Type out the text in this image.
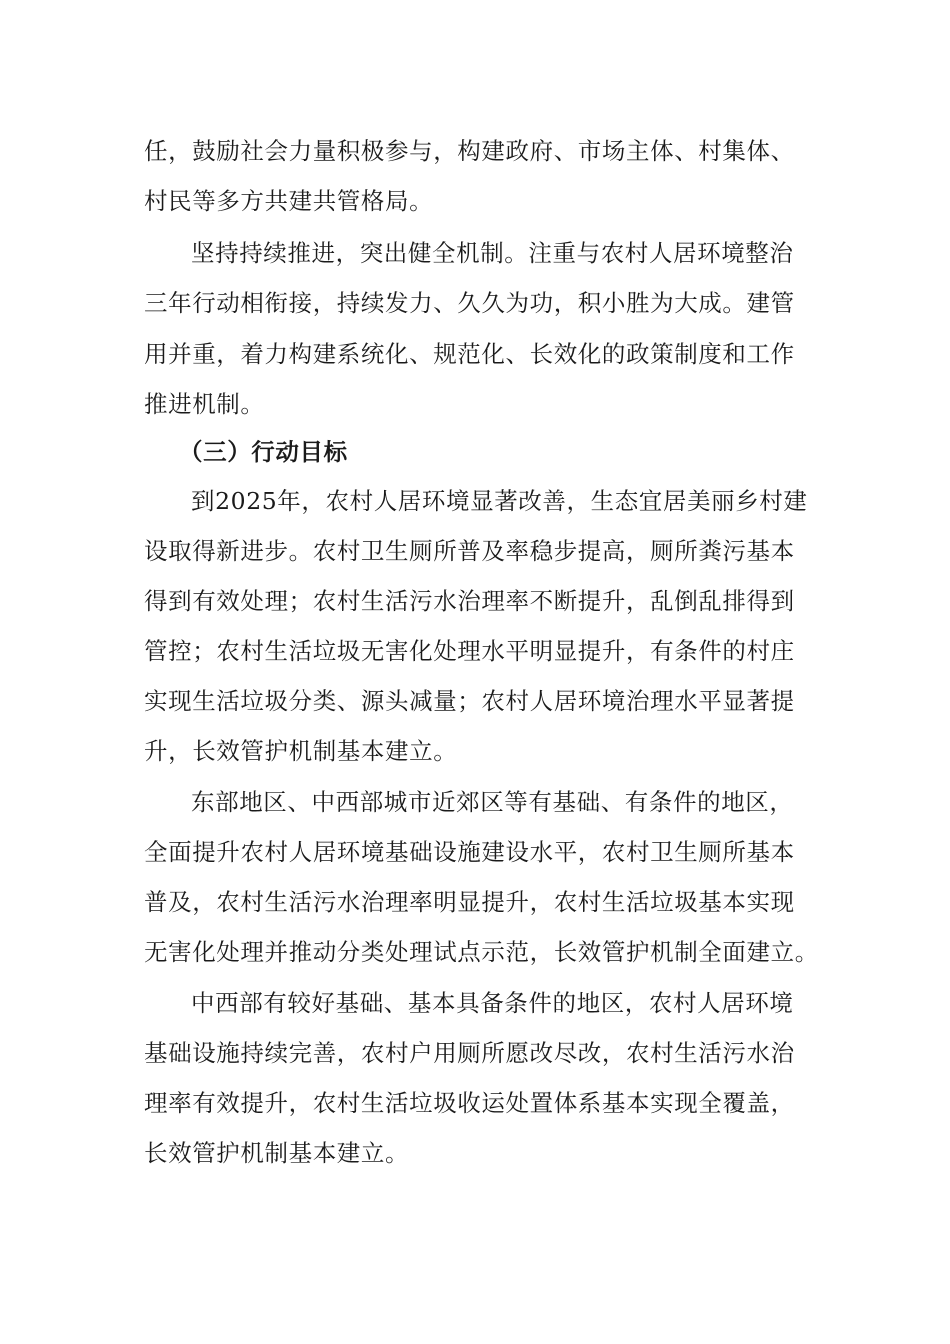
任，鼓励社会力量积极参与，构建政府、市场主体、村集体、
村民等多方共建共管格局。
坚持持续推进，突出健全机制。注重与农村人居环境整治
三年行动相衔接，持续发力、久久为功，积小胜为大成。建管
用并重，着力构建系统化、规范化、长效化的政策制度和工作
推进机制。
（三）行动目标
到2025年，农村人居环境显著改善，生态宜居美丽乡村建
设取得新进步。农村卫生厕所普及率稳步提高，厕所粪污基本
得到有效处理；农村生活污水治理率不断提升，乱倒乱排得到
管控；农村生活垃圾无害化处理水平明显提升，有条件的村庄
实现生活垃圾分类、源头减量；农村人居环境治理水平显著提
升，长效管护机制基本建立。
东部地区、中西部城市近郊区等有基础、有条件的地区，
全面提升农村人居环境基础设施建设水平，农村卫生厕所基本
普及，农村生活污水治理率明显提升，农村生活垃圾基本实现
无害化处理并推动分类处理试点示范，长效管护机制全面建立。
中西部有较好基础、基本具备条件的地区，农村人居环境
基础设施持续完善，农村户用厕所愿改尽改，农村生活污水治
理率有效提升，农村生活垃圾收运处置体系基本实现全覆盖，
长效管护机制基本建立。
